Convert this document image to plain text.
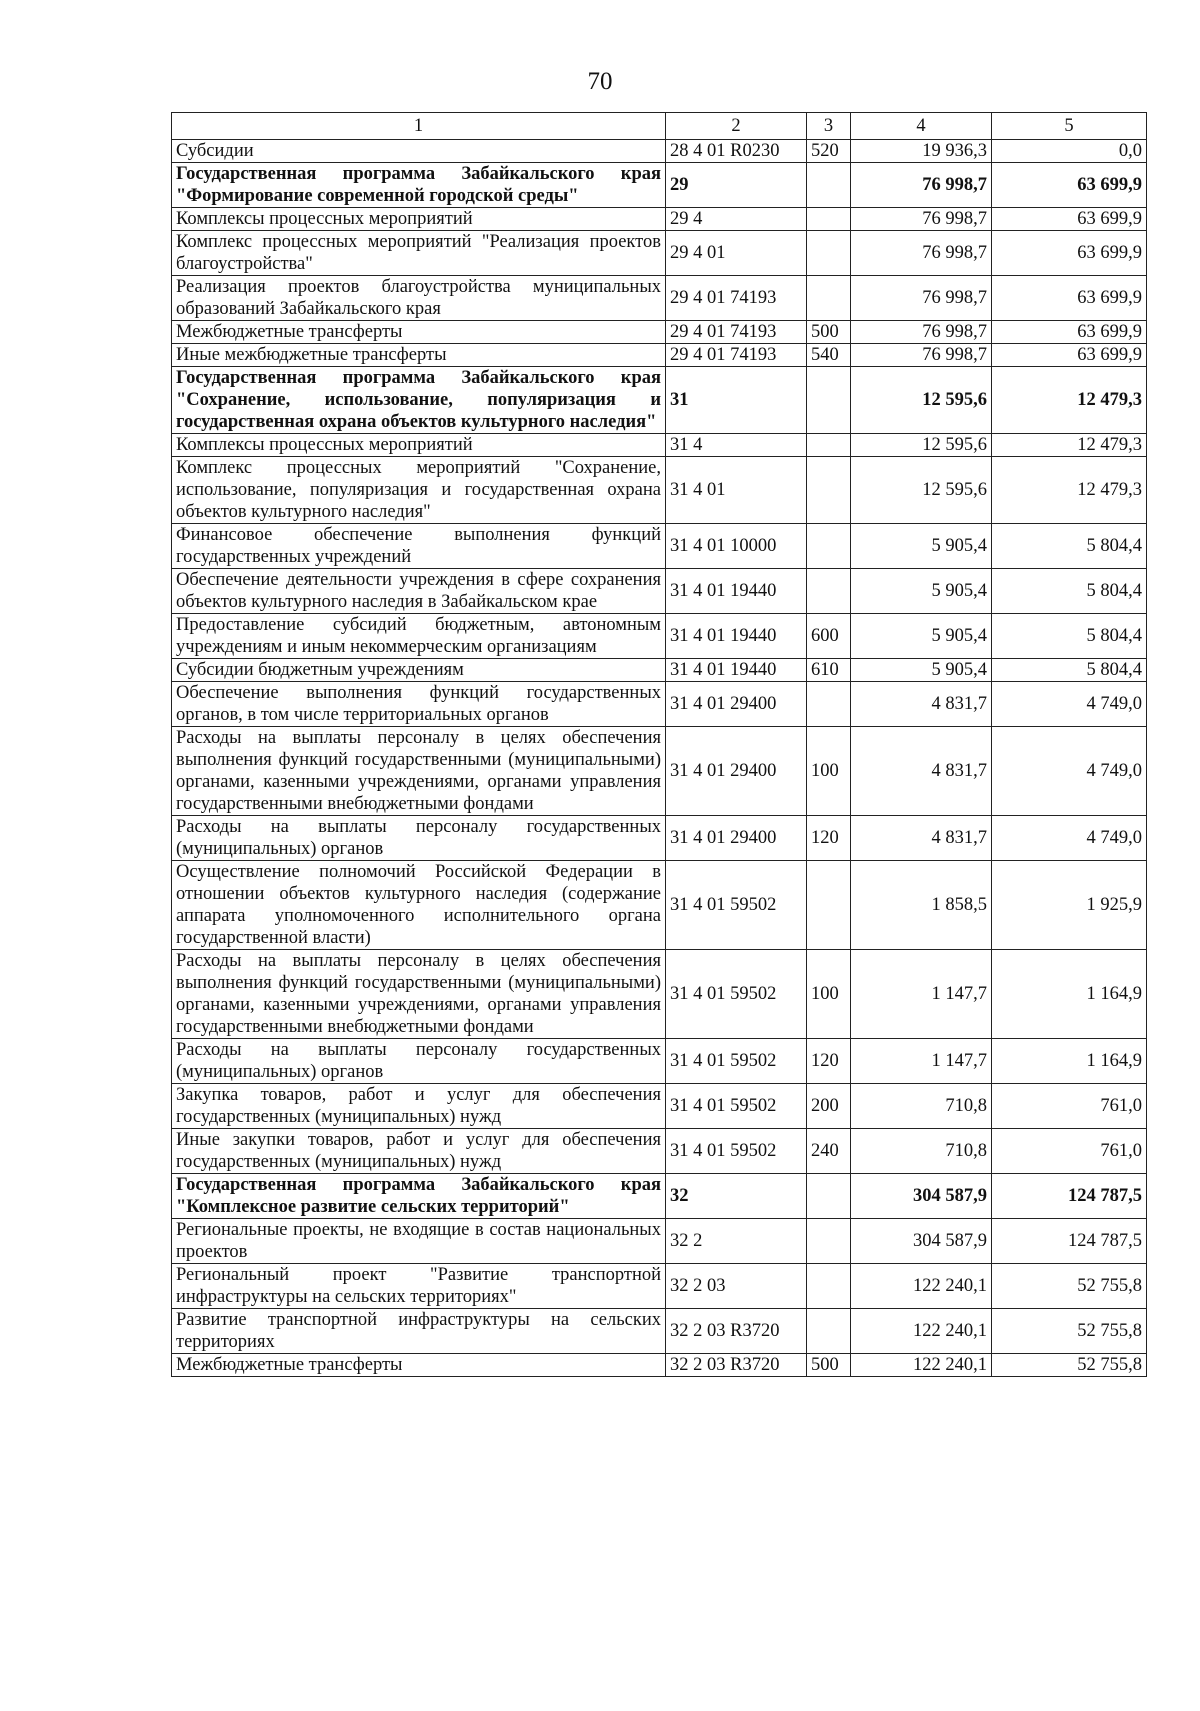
70
1	2	3	4	5
Субсидии	28 4 01 R0230	520	19 936,3	0,0
Государственная программа Забайкальского края "Формирование современной городской среды"	29		76 998,7	63 699,9
Комплексы процессных мероприятий	29 4		76 998,7	63 699,9
Комплекс процессных мероприятий "Реализация проектов благоустройства"	29 4 01		76 998,7	63 699,9
Реализация проектов благоустройства муниципальных образований Забайкальского края	29 4 01 74193		76 998,7	63 699,9
Межбюджетные трансферты	29 4 01 74193	500	76 998,7	63 699,9
Иные межбюджетные трансферты	29 4 01 74193	540	76 998,7	63 699,9
Государственная программа Забайкальского края "Сохранение, использование, популяризация и государственная охрана объектов культурного наследия"	31		12 595,6	12 479,3
Комплексы процессных мероприятий	31 4		12 595,6	12 479,3
Комплекс процессных мероприятий "Сохранение, использование, популяризация и государственная охрана объектов культурного наследия"	31 4 01		12 595,6	12 479,3
Финансовое обеспечение выполнения функций государственных учреждений	31 4 01 10000		5 905,4	5 804,4
Обеспечение деятельности учреждения в сфере сохранения объектов культурного наследия в Забайкальском крае	31 4 01 19440		5 905,4	5 804,4
Предоставление субсидий бюджетным, автономным учреждениям и иным некоммерческим организациям	31 4 01 19440	600	5 905,4	5 804,4
Субсидии бюджетным учреждениям	31 4 01 19440	610	5 905,4	5 804,4
Обеспечение выполнения функций государственных органов, в том числе территориальных органов	31 4 01 29400		4 831,7	4 749,0
Расходы на выплаты персоналу в целях обеспечения выполнения функций государственными (муниципальными) органами, казенными учреждениями, органами управления государственными внебюджетными фондами	31 4 01 29400	100	4 831,7	4 749,0
Расходы на выплаты персоналу государственных (муниципальных) органов	31 4 01 29400	120	4 831,7	4 749,0
Осуществление полномочий Российской Федерации в отношении объектов культурного наследия (содержание аппарата уполномоченного исполнительного органа государственной власти)	31 4 01 59502		1 858,5	1 925,9
Расходы на выплаты персоналу в целях обеспечения выполнения функций государственными (муниципальными) органами, казенными учреждениями, органами управления государственными внебюджетными фондами	31 4 01 59502	100	1 147,7	1 164,9
Расходы на выплаты персоналу государственных (муниципальных) органов	31 4 01 59502	120	1 147,7	1 164,9
Закупка товаров, работ и услуг для обеспечения государственных (муниципальных) нужд	31 4 01 59502	200	710,8	761,0
Иные закупки товаров, работ и услуг для обеспечения государственных (муниципальных) нужд	31 4 01 59502	240	710,8	761,0
Государственная программа Забайкальского края "Комплексное развитие сельских территорий"	32		304 587,9	124 787,5
Региональные проекты, не входящие в состав национальных проектов	32 2		304 587,9	124 787,5
Региональный проект "Развитие транспортной инфраструктуры на сельских территориях"	32 2 03		122 240,1	52 755,8
Развитие транспортной инфраструктуры на сельских территориях	32 2 03 R3720		122 240,1	52 755,8
Межбюджетные трансферты	32 2 03 R3720	500	122 240,1	52 755,8
